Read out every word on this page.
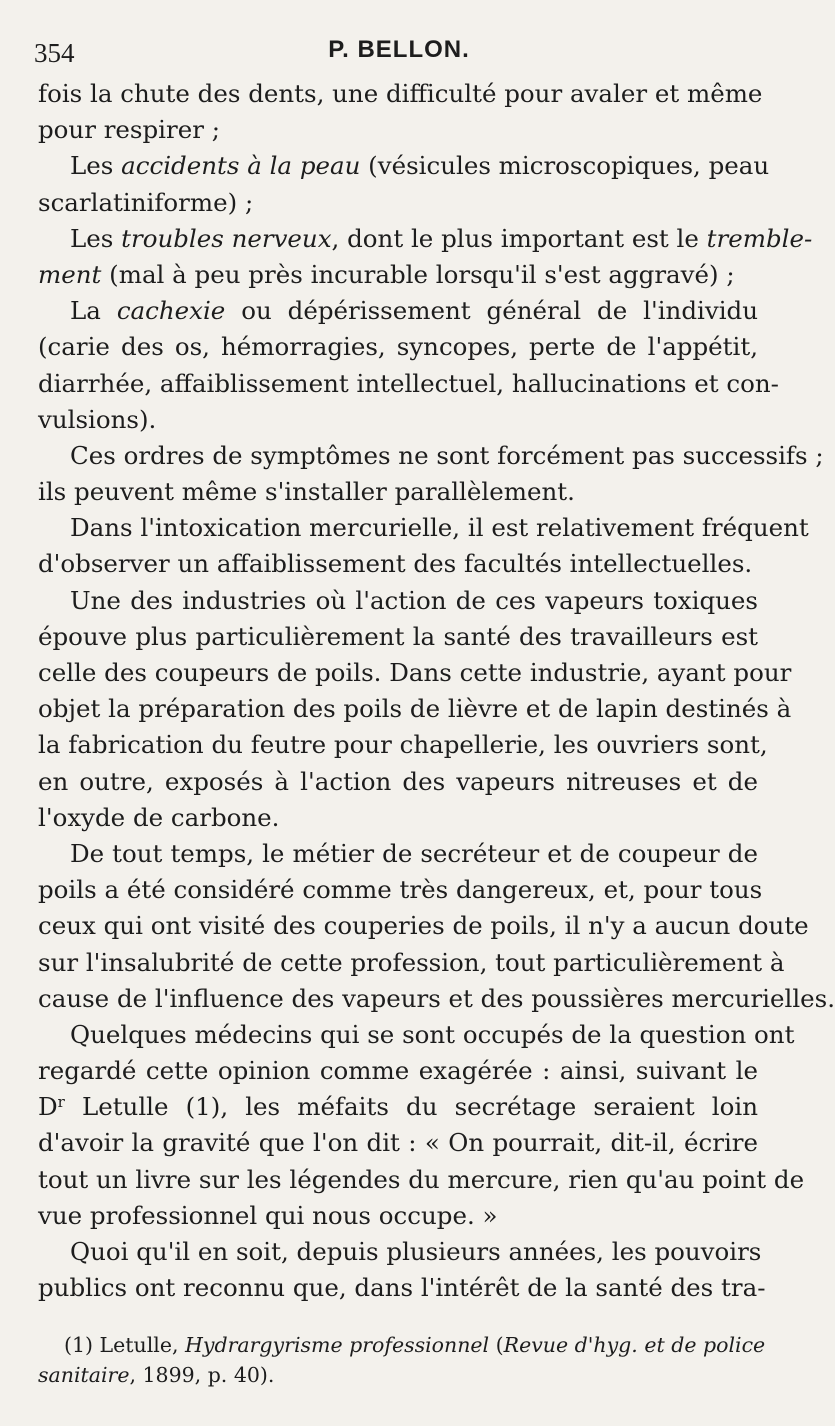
354	P. BELLON.
fois la chute des dents, une difficulté pour avaler et même
pour respirer ;
Les accidents à la peau (vésicules microscopiques, peau
scarlatiniforme) ;
Les troubles nerveux, dont le plus important est le tremble-
ment (mal à peu près incurable lorsqu'il s'est aggravé) ;
La cachexie ou dépérissement général de l'individu
(carie des os, hémorragies, syncopes, perte de l'appétit,
diarrhée, affaiblissement intellectuel, hallucinations et con-
vulsions).
Ces ordres de symptômes ne sont forcément pas successifs ;
ils peuvent même s'installer parallèlement.
Dans l'intoxication mercurielle, il est relativement fréquent
d'observer un affaiblissement des facultés intellectuelles.
Une des industries où l'action de ces vapeurs toxiques
épouve plus particulièrement la santé des travailleurs est
celle des coupeurs de poils. Dans cette industrie, ayant pour
objet la préparation des poils de lièvre et de lapin destinés à
la fabrication du feutre pour chapellerie, les ouvriers sont,
en outre, exposés à l'action des vapeurs nitreuses et de
l'oxyde de carbone.
De tout temps, le métier de secréteur et de coupeur de
poils a été considéré comme très dangereux, et, pour tous
ceux qui ont visité des couperies de poils, il n'y a aucun doute
sur l'insalubrité de cette profession, tout particulièrement à
cause de l'influence des vapeurs et des poussières mercurielles.
Quelques médecins qui se sont occupés de la question ont
regardé cette opinion comme exagérée : ainsi, suivant le
$D^r$ Letulle (1), les méfaits du secrétage seraient loin
d'avoir la gravité que l'on dit : « On pourrait, dit-il, écrire
tout un livre sur les légendes du mercure, rien qu'au point de
vue professionnel qui nous occupe. »
Quoi qu'il en soit, depuis plusieurs années, les pouvoirs
publics ont reconnu que, dans l'intérêt de la santé des tra-
(1) Letulle, Hydrargyrisme professionnel (Revue d'hyg. et de police
sanitaire, 1899, p. 40).
